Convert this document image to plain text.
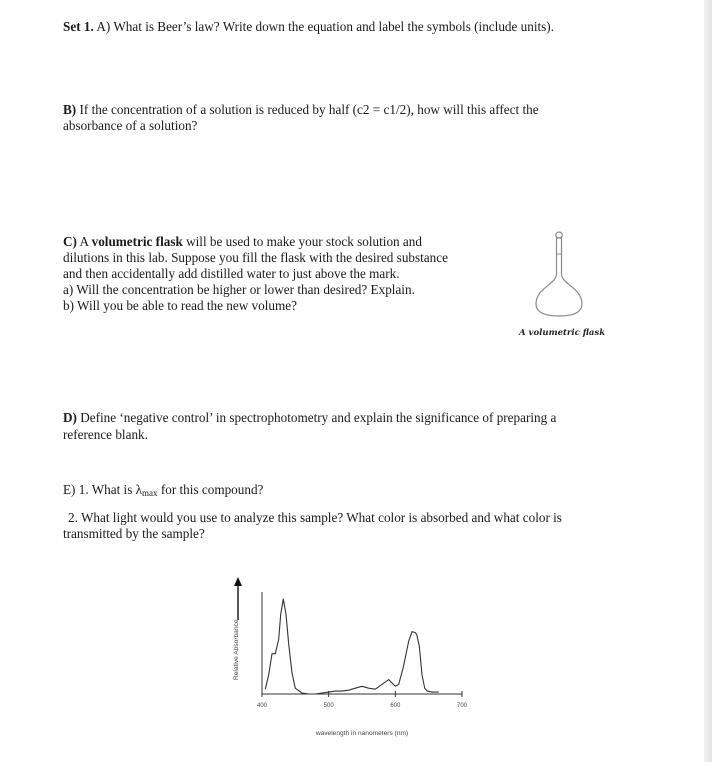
Set 1. A) What is Beer’s law? Write down the equation and label the symbols (include units).

B) If the concentration of a solution is reduced by half (c2 = c1/2), how will this affect the

absorbance of a solution?

C) A volumetric flask will be used to make your stock solution and

dilutions in this lab. Suppose you fill the flask with the desired substance

and then accidentally add distilled water to just above the mark.

a) Will the concentration be higher or lower than desired? Explain.

b) Will you be able to read the new volume?

A volumetric flask

D) Define ‘negative control’ in spectrophotometry and explain the significance of preparing a

reference blank.

E) 1. What is $\lambda_{max}$ for this compound?

2. What light would you use to analyze this sample? What color is absorbed and what color is

transmitted by the sample?

Relative Absorbance
wavelength in nanometers (nm)
400	500	600	700
